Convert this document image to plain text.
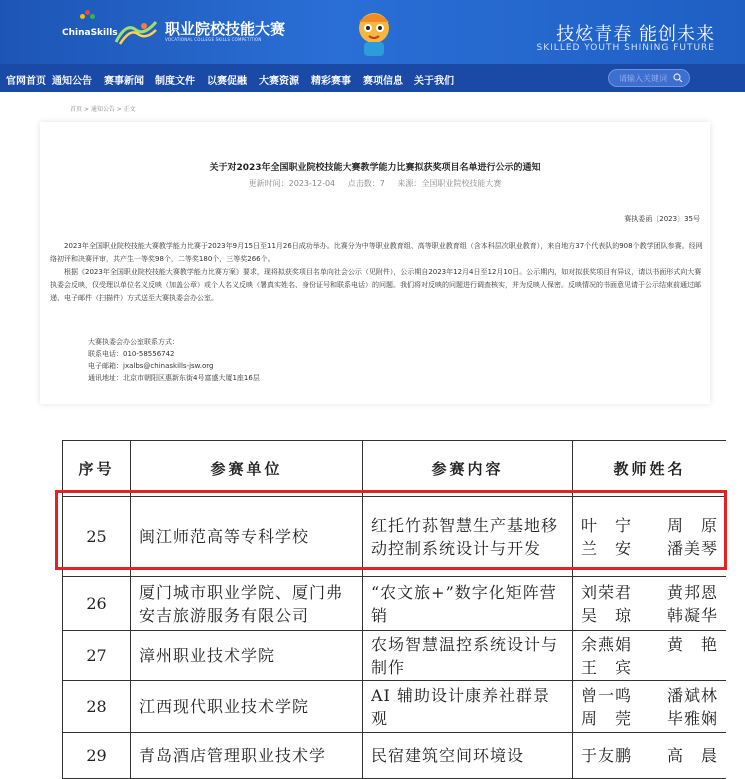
ChinaSkills	职业院校技能大赛
VOCATIONAL COLLEGE SKILLS COMPETITION	技炫青春 能创未来
SKILLED YOUTH SHINING FUTURE
官网首页 通知公告 赛事新闻 制度文件 以赛促融 大赛资源 精彩赛事 赛项信息 关于我们	请输入关键词
首页 > 通知公告 > 正文
关于对2023年全国职业院校技能大赛教学能力比赛拟获奖项目名单进行公示的通知
更新时间：2023-12-04 点击数：7 来源：全国职业院校技能大赛
赛执委函〔2023〕35号

2023年全国职业院校技能大赛教学能力比赛于2023年9月15日至11月26日成功举办。比赛分为中等职业教育组、高等职业教育组（含本科层次职业教育），来自地方37个代表队的908个教学团队参赛。经网络初评和决赛评审，共产生一等奖98个，二等奖180个，三等奖266个。

根据《2023年全国职业院校技能大赛教学能力比赛方案》要求，现将拟获奖项目名单向社会公示（见附件），公示期自2023年12月4日至12月10日。公示期内，如对拟获奖项目有异议，请以书面形式向大赛执委会反映，仅受理以单位名义反映（加盖公章）或个人名义反映（署真实姓名、身份证号和联系电话）的问题。我们将对反映的问题进行调查核实，并为反映人保密。反映情况的书面意见请于公示结束前通过邮递、电子邮件（扫描件）方式送至大赛执委会办公室。

大赛执委会办公室联系方式：
联系电话：010-58556742
电子邮箱：jxalbs@chinaskills-jsw.org
通讯地址：北京市朝阳区惠新东街4号富盛大厦1座16层
序号	参赛单位	参赛内容	教师姓名
25	闽江师范高等专科学校	红托竹荪智慧生产基地移动控制系统设计与开发	叶　宁 周　原
兰　安 潘美琴

26	厦门城市职业学院、厦门弗安吉旅游服务有限公司	“农文旅+”数字化矩阵营销	刘荣君 黄邦恩
吴　琼 韩凝华

27	漳州职业技术学院	农场智慧温控系统设计与制作	余燕娟 黄　艳
王　宾

28	江西现代职业技术学院	AI 辅助设计康养社群景观	曾一鸣 潘斌林
周　莞 毕雅娴

29	青岛酒店管理职业技术学	民宿建筑空间环境设	于友鹏 高　晨
